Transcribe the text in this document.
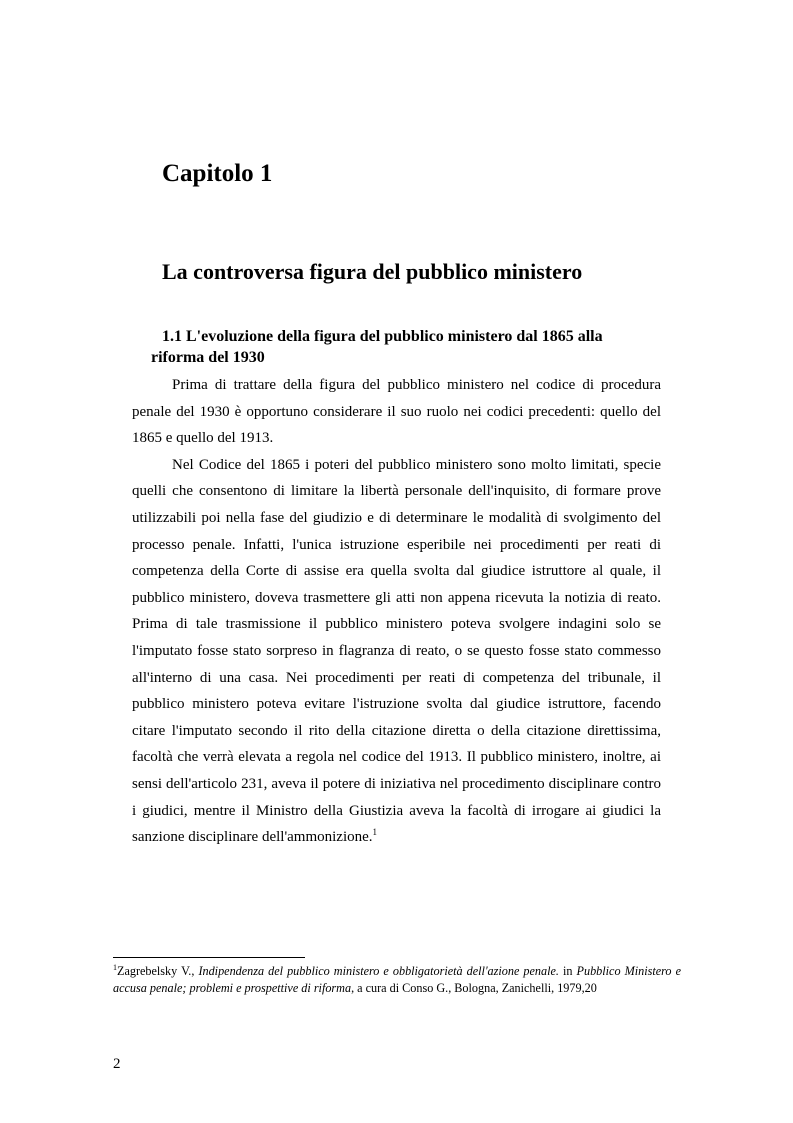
Capitolo 1
La controversa figura del pubblico ministero
1.1 L'evoluzione della figura del pubblico ministero dal 1865 alla
riforma del 1930

Prima di trattare della figura del pubblico ministero nel codice di procedura penale del 1930 è opportuno considerare il suo ruolo nei codici precedenti: quello del 1865 e quello del 1913.

Nel Codice del 1865 i poteri del pubblico ministero sono molto limitati, specie quelli che consentono di limitare la libertà personale dell'inquisito, di formare prove utilizzabili poi nella fase del giudizio e di determinare le modalità di svolgimento del processo penale. Infatti, l'unica istruzione esperibile nei procedimenti per reati di competenza della Corte di assise era quella svolta dal giudice istruttore al quale, il pubblico ministero, doveva trasmettere gli atti non appena ricevuta la notizia di reato. Prima di tale trasmissione il pubblico ministero poteva svolgere indagini solo se l'imputato fosse stato sorpreso in flagranza di reato, o se questo fosse stato commesso all'interno di una casa. Nei procedimenti per reati di competenza del tribunale, il pubblico ministero poteva evitare l'istruzione svolta dal giudice istruttore, facendo citare l'imputato secondo il rito della citazione diretta o della citazione direttissima, facoltà che verrà elevata a regola nel codice del 1913. Il pubblico ministero, inoltre, ai sensi dell'articolo 231, aveva il potere di iniziativa nel procedimento disciplinare contro i giudici, mentre il Ministro della Giustizia aveva la facoltà di irrogare ai giudici la sanzione disciplinare dell'ammonizione.$^1$

$^1$Zagrebelsky V., Indipendenza del pubblico ministero e obbligatorietà dell'azione penale. in Pubblico Ministero e accusa penale; problemi e prospettive di riforma, a cura di Conso G., Bologna, Zanichelli, 1979,20
2
